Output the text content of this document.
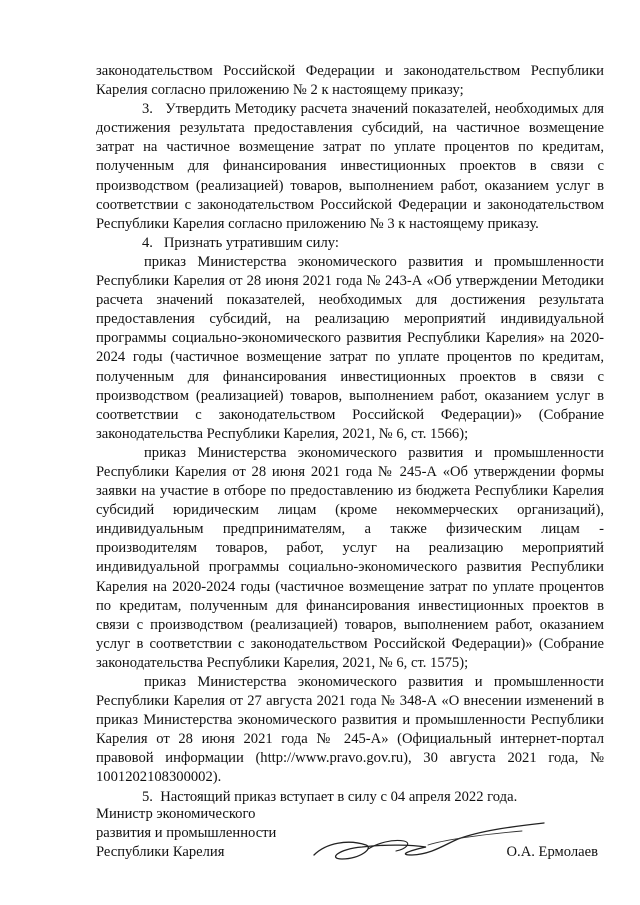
законодательством Российской Федерации и законодательством Республики Карелия согласно приложению № 2 к настоящему приказу;

3.   Утвердить Методику расчета значений показателей, необходимых для достижения результата предоставления субсидий, на частичное возмещение затрат на частичное возмещение затрат по уплате процентов по кредитам, полученным для финансирования инвестиционных проектов в связи с производством (реализацией) товаров, выполнением работ, оказанием услуг в соответствии с законодательством Российской Федерации и законодательством Республики Карелия согласно приложению № 3 к настоящему приказу.

4.   Признать утратившим силу:

приказ Министерства экономического развития и промышленности Республики Карелия от 28 июня 2021 года № 243-А «Об утверждении Методики расчета значений показателей, необходимых для достижения результата предоставления субсидий, на реализацию мероприятий индивидуальной программы социально-экономического развития Республики Карелия» на 2020-2024 годы (частичное возмещение затрат по уплате процентов по кредитам, полученным для финансирования инвестиционных проектов в связи с производством (реализацией) товаров, выполнением работ, оказанием услуг в соответствии с законодательством Российской Федерации)» (Собрание законодательства Республики Карелия, 2021, № 6, ст. 1566);

приказ Министерства экономического развития и промышленности Республики Карелия от 28 июня 2021 года № 245-А «Об утверждении формы заявки на участие в отборе по предоставлению из бюджета Республики Карелия субсидий юридическим лицам (кроме некоммерческих организаций), индивидуальным предпринимателям, а также физическим лицам - производителям товаров, работ, услуг на реализацию мероприятий индивидуальной программы социально-экономического развития Республики Карелия на 2020-2024 годы (частичное возмещение затрат по уплате процентов по кредитам, полученным для финансирования инвестиционных проектов в связи с производством (реализацией) товаров, выполнением работ, оказанием услуг в соответствии с законодательством Российской Федерации)» (Собрание законодательства Республики Карелия, 2021, № 6, ст. 1575);

приказ Министерства экономического развития и промышленности Республики Карелия от 27 августа 2021 года № 348-А «О внесении изменений в приказ Министерства экономического развития и промышленности Республики Карелия от 28 июня 2021 года № 245-А» (Официальный интернет-портал правовой информации (http://www.pravo.gov.ru), 30 августа 2021 года, № 1001202108300002).

5.  Настоящий приказ вступает в силу с 04 апреля 2022 года.

Министр экономического
развития и промышленности
Республики Карелия	О.А. Ермолаев
